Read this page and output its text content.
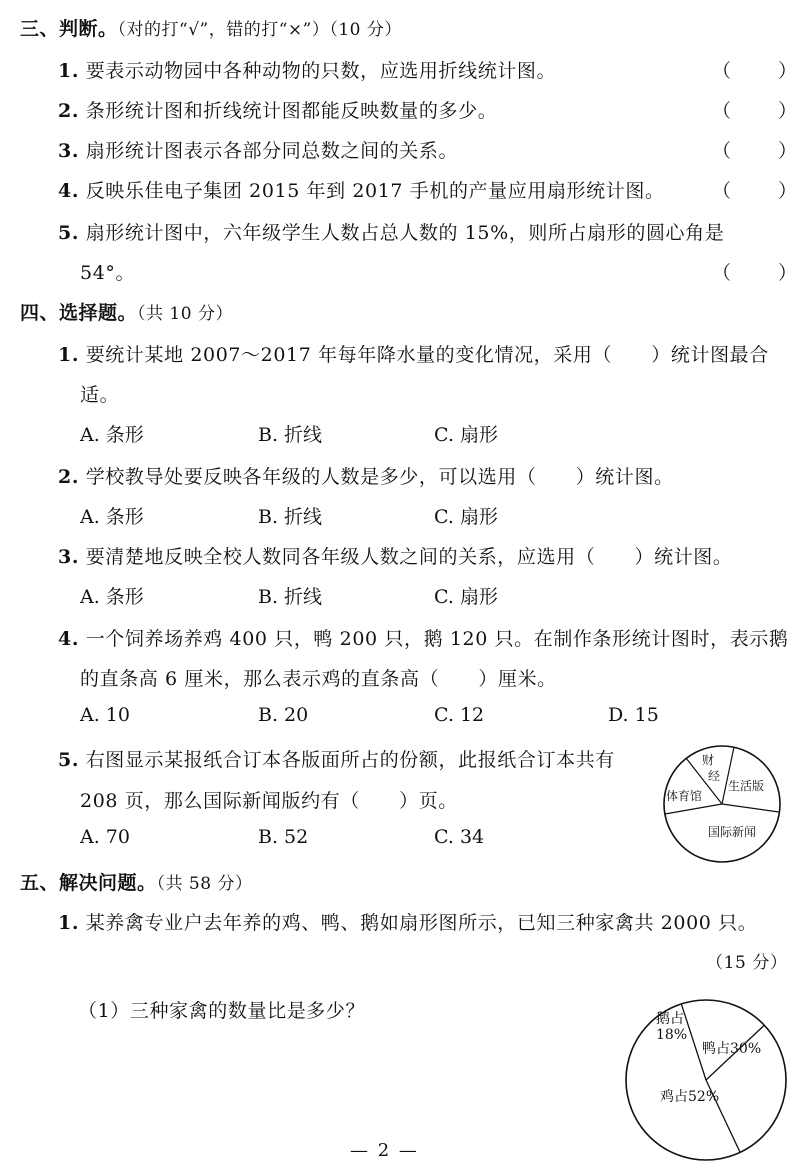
三、判断。（对的打“√”，错的打“×”）（10 分）
1. 要表示动物园中各种动物的只数，应选用折线统计图。	（　）
2. 条形统计图和折线统计图都能反映数量的多少。	（　）
3. 扇形统计图表示各部分同总数之间的关系。	（　）
4. 反映乐佳电子集团 2015 年到 2017 手机的产量应用扇形统计图。 （　）
5. 扇形统计图中，六年级学生人数占总人数的 15%，则所占扇形的圆心角是
54°。	（　）
四、选择题。（共 10 分）
1. 要统计某地 2007～2017 年每年降水量的变化情况，采用（　　）统计图最合
适。
A. 条形	B. 折线	C. 扇形
2. 学校教导处要反映各年级的人数是多少，可以选用（　　）统计图。
A. 条形	B. 折线	C. 扇形
3. 要清楚地反映全校人数同各年级人数之间的关系，应选用（　　）统计图。
A. 条形	B. 折线	C. 扇形
4. 一个饲养场养鸡 400 只，鸭 200 只，鹅 120 只。在制作条形统计图时，表示鹅
的直条高 6 厘米，那么表示鸡的直条高（　　）厘米。
A. 10	B. 20	C. 12	D. 15
5. 右图显示某报纸合订本各版面所占的份额，此报纸合订本共有
208 页，那么国际新闻版约有（　　）页。
A. 70	B. 52	C. 34
财
经
生活版
体育馆
国际新闻
五、解决问题。（共 58 分）
1. 某养禽专业户去年养的鸡、鸭、鹅如扇形图所示，已知三种家禽共 2000 只。
（15 分）
（1）三种家禽的数量比是多少？	鹅占
18%
鸭占30%
鸡占52%
— 2 —
